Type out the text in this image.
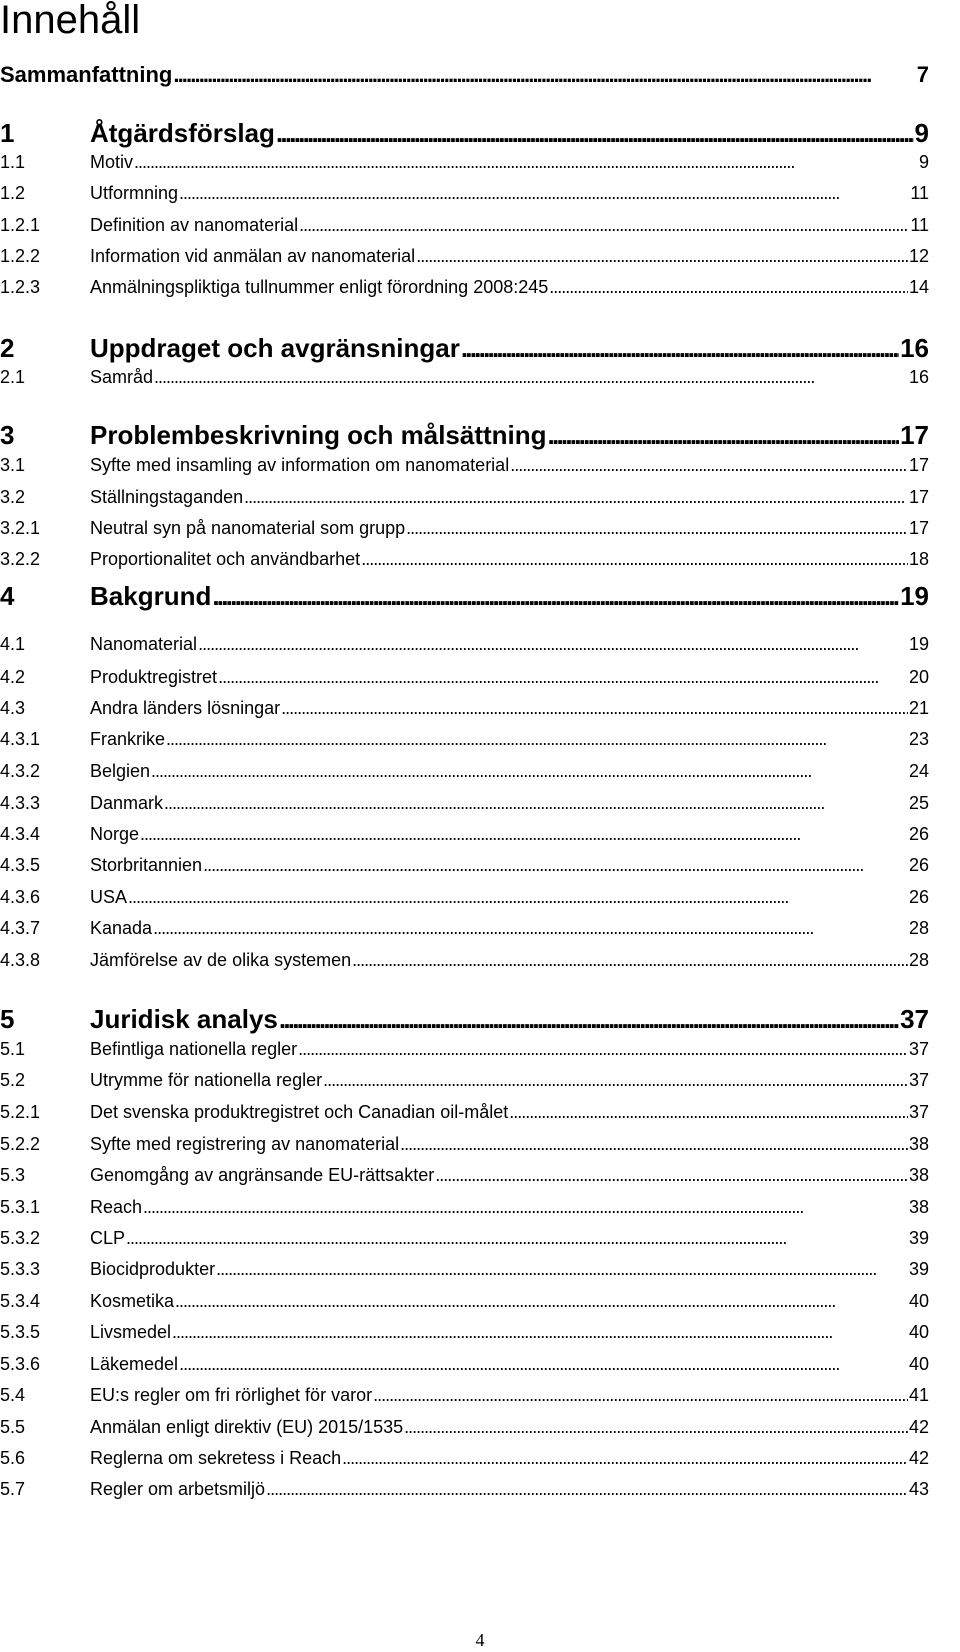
Innehåll
Sammanfattning . . .	7
1	Åtgärdsförslag . . .	9
1.1	Motiv . . .	9
1.2	Utformning . . .	11
1.2.1	Definition av nanomaterial . . .	11
1.2.2	Information vid anmälan av nanomaterial . . .	12
1.2.3	Anmälningspliktiga tullnummer enligt förordning 2008:245 . . .	14
2	Uppdraget och avgränsningar . . .	16
2.1	Samråd . . .	16
3	Problembeskrivning och målsättning . . .	17
3.1	Syfte med insamling av information om nanomaterial . . .	17
3.2	Ställningstaganden . . .	17
3.2.1	Neutral syn på nanomaterial som grupp . . .	17
3.2.2	Proportionalitet och användbarhet . . .	18
4	Bakgrund . . .	19
4.1	Nanomaterial . . .	19
4.2	Produktregistret . . .	20
4.3	Andra länders lösningar . . .	21
4.3.1	Frankrike . . .	23
4.3.2	Belgien . . .	24
4.3.3	Danmark . . .	25
4.3.4	Norge . . .	26
4.3.5	Storbritannien . . .	26
4.3.6	USA . . .	26
4.3.7	Kanada . . .	28
4.3.8	Jämförelse av de olika systemen . . .	28
5	Juridisk analys . . .	37
5.1	Befintliga nationella regler . . .	37
5.2	Utrymme för nationella regler . . .	37
5.2.1	Det svenska produktregistret och Canadian oil-målet . . .	37
5.2.2	Syfte med registrering av nanomaterial . . .	38
5.3	Genomgång av angränsande EU-rättsakter . . .	38
5.3.1	Reach . . .	38
5.3.2	CLP . . .	39
5.3.3	Biocidprodukter . . .	39
5.3.4	Kosmetika . . .	40
5.3.5	Livsmedel . . .	40
5.3.6	Läkemedel . . .	40
5.4	EU:s regler om fri rörlighet för varor . . .	41
5.5	Anmälan enligt direktiv (EU) 2015/1535 . . .	42
5.6	Reglerna om sekretess i Reach . . .	42
5.7	Regler om arbetsmiljö . . .	43
4
